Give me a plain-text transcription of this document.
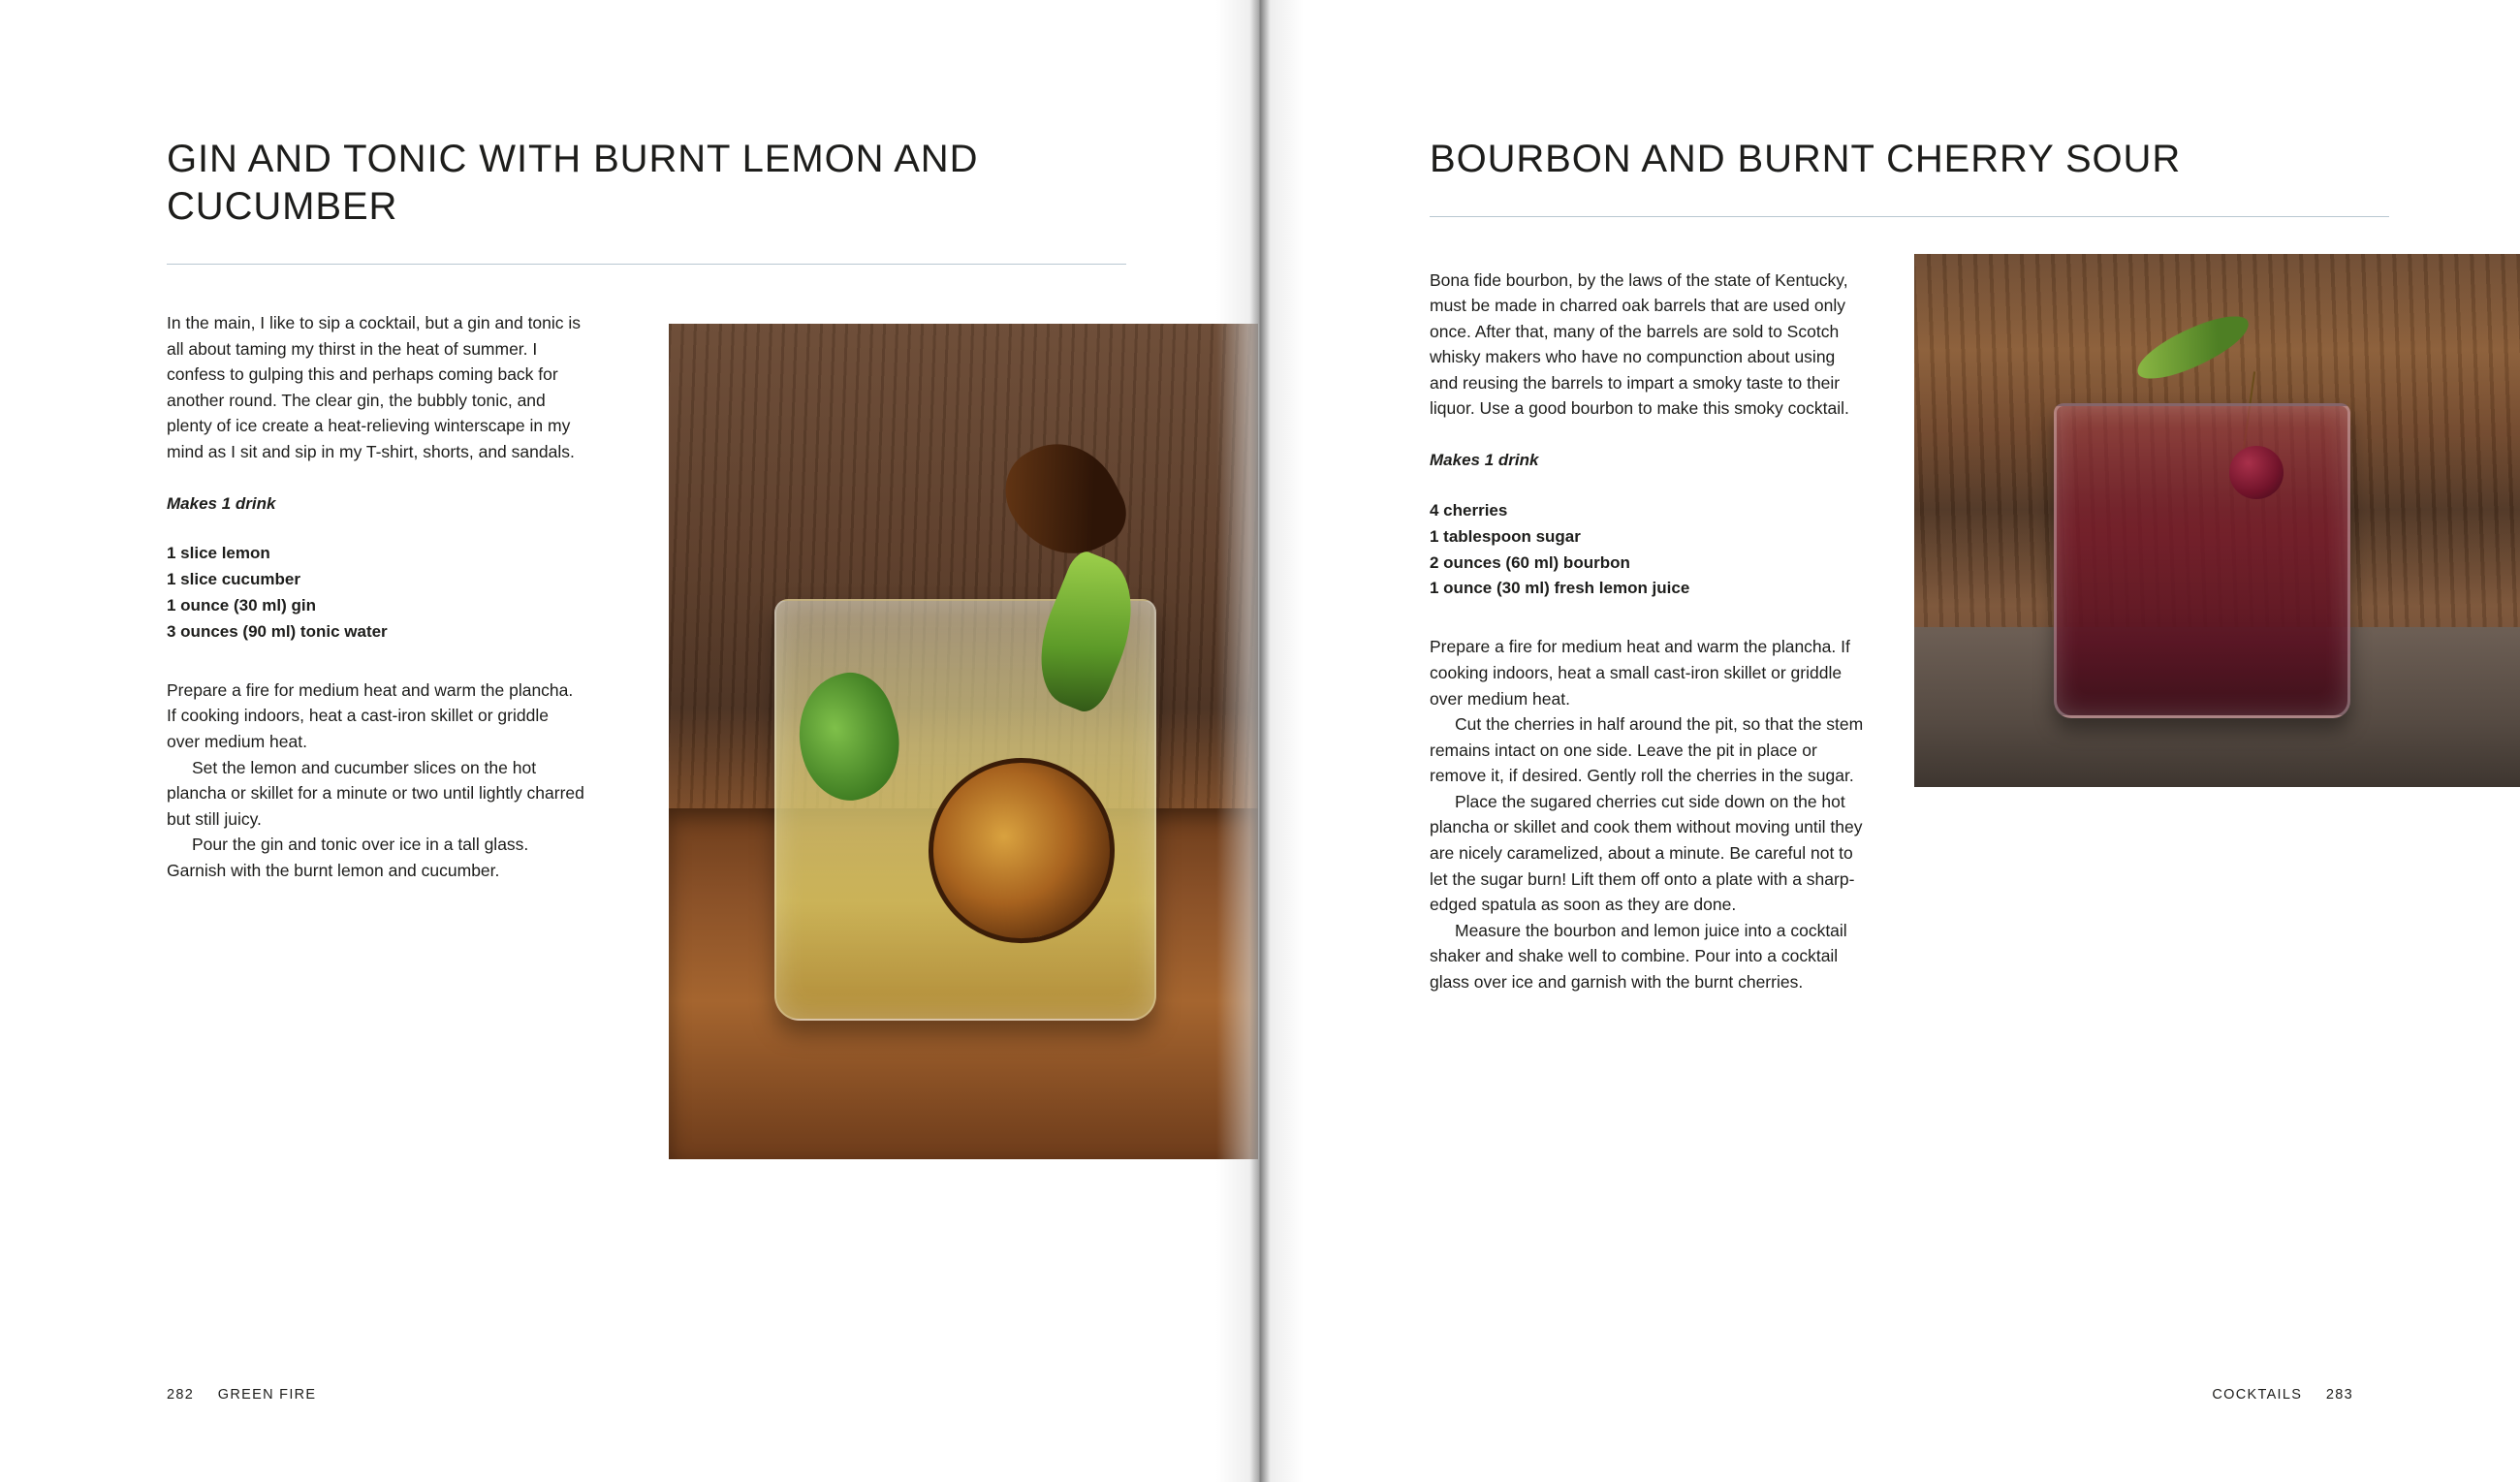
GIN AND TONIC WITH BURNT LEMON AND CUCUMBER

In the main, I like to sip a cocktail, but a gin and tonic is all about taming my thirst in the heat of summer. I confess to gulping this and perhaps coming back for another round. The clear gin, the bubbly tonic, and plenty of ice create a heat-relieving winterscape in my mind as I sit and sip in my T-shirt, shorts, and sandals.

Makes 1 drink
1 slice lemon
1 slice cucumber
1 ounce (30 ml) gin
3 ounces (90 ml) tonic water

Prepare a fire for medium heat and warm the plancha. If cooking indoors, heat a cast-iron skillet or griddle over medium heat.

Set the lemon and cucumber slices on the hot plancha or skillet for a minute or two until lightly charred but still juicy.

Pour the gin and tonic over ice in a tall glass. Garnish with the burnt lemon and cucumber.

282 GREEN FIRE
BOURBON AND BURNT CHERRY SOUR

Bona fide bourbon, by the laws of the state of Kentucky, must be made in charred oak barrels that are used only once. After that, many of the barrels are sold to Scotch whisky makers who have no compunction about using and reusing the barrels to impart a smoky taste to their liquor. Use a good bourbon to make this smoky cocktail.

Makes 1 drink
4 cherries
1 tablespoon sugar
2 ounces (60 ml) bourbon
1 ounce (30 ml) fresh lemon juice

Prepare a fire for medium heat and warm the plancha. If cooking indoors, heat a small cast-iron skillet or griddle over medium heat.

Cut the cherries in half around the pit, so that the stem remains intact on one side. Leave the pit in place or remove it, if desired. Gently roll the cherries in the sugar.

Place the sugared cherries cut side down on the hot plancha or skillet and cook them without moving until they are nicely caramelized, about a minute. Be careful not to let the sugar burn! Lift them off onto a plate with a sharp-edged spatula as soon as they are done.

Measure the bourbon and lemon juice into a cocktail shaker and shake well to combine. Pour into a cocktail glass over ice and garnish with the burnt cherries.

COCKTAILS 283
